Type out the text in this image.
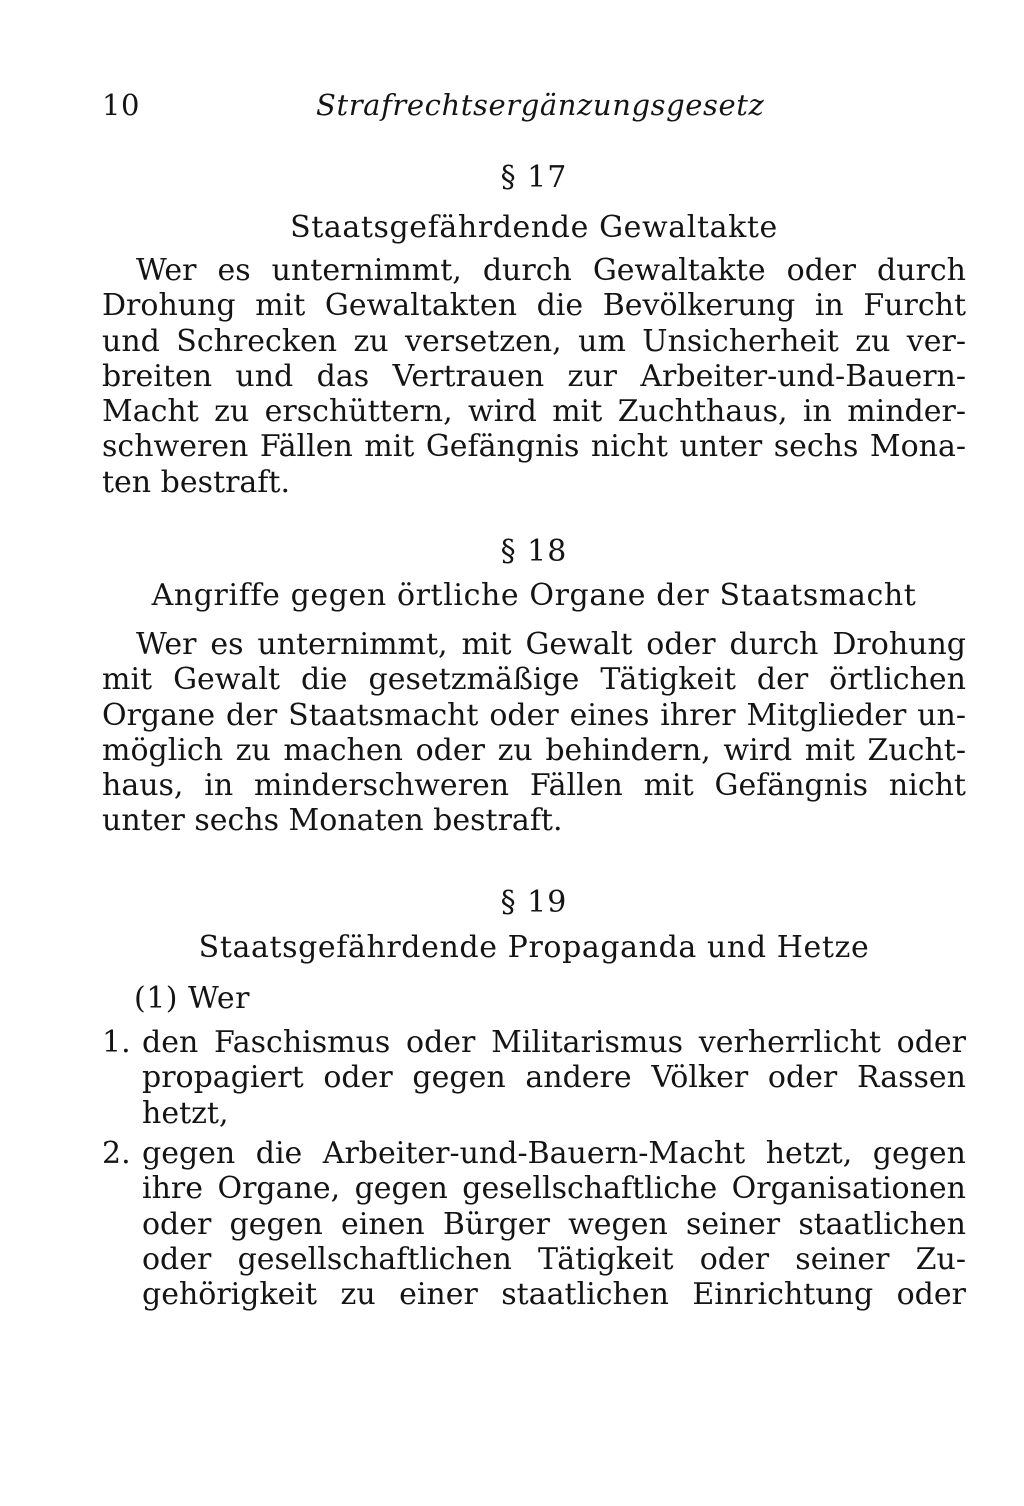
10	Strafrechtsergänzungsgesetz
§ 17
Staatsgefährdende Gewaltakte
Wer es unternimmt, durch Gewaltakte oder durch
Drohung mit Gewaltakten die Bevölkerung in Furcht
und Schrecken zu versetzen, um Unsicherheit zu ver-
breiten und das Vertrauen zur Arbeiter-und-Bauern-
Macht zu erschüttern, wird mit Zuchthaus, in minder-
schweren Fällen mit Gefängnis nicht unter sechs Mona-
ten bestraft.
§ 18
Angriffe gegen örtliche Organe der Staatsmacht
Wer es unternimmt, mit Gewalt oder durch Drohung
mit Gewalt die gesetzmäßige Tätigkeit der örtlichen
Organe der Staatsmacht oder eines ihrer Mitglieder un-
möglich zu machen oder zu behindern, wird mit Zucht-
haus, in minderschweren Fällen mit Gefängnis nicht
unter sechs Monaten bestraft.
§ 19
Staatsgefährdende Propaganda und Hetze
(1) Wer
1. den Faschismus oder Militarismus verherrlicht oder
propagiert oder gegen andere Völker oder Rassen
hetzt,
2. gegen die Arbeiter-und-Bauern-Macht hetzt, gegen
ihre Organe, gegen gesellschaftliche Organisationen
oder gegen einen Bürger wegen seiner staatlichen
oder gesellschaftlichen Tätigkeit oder seiner Zu-
gehörigkeit zu einer staatlichen Einrichtung oder
